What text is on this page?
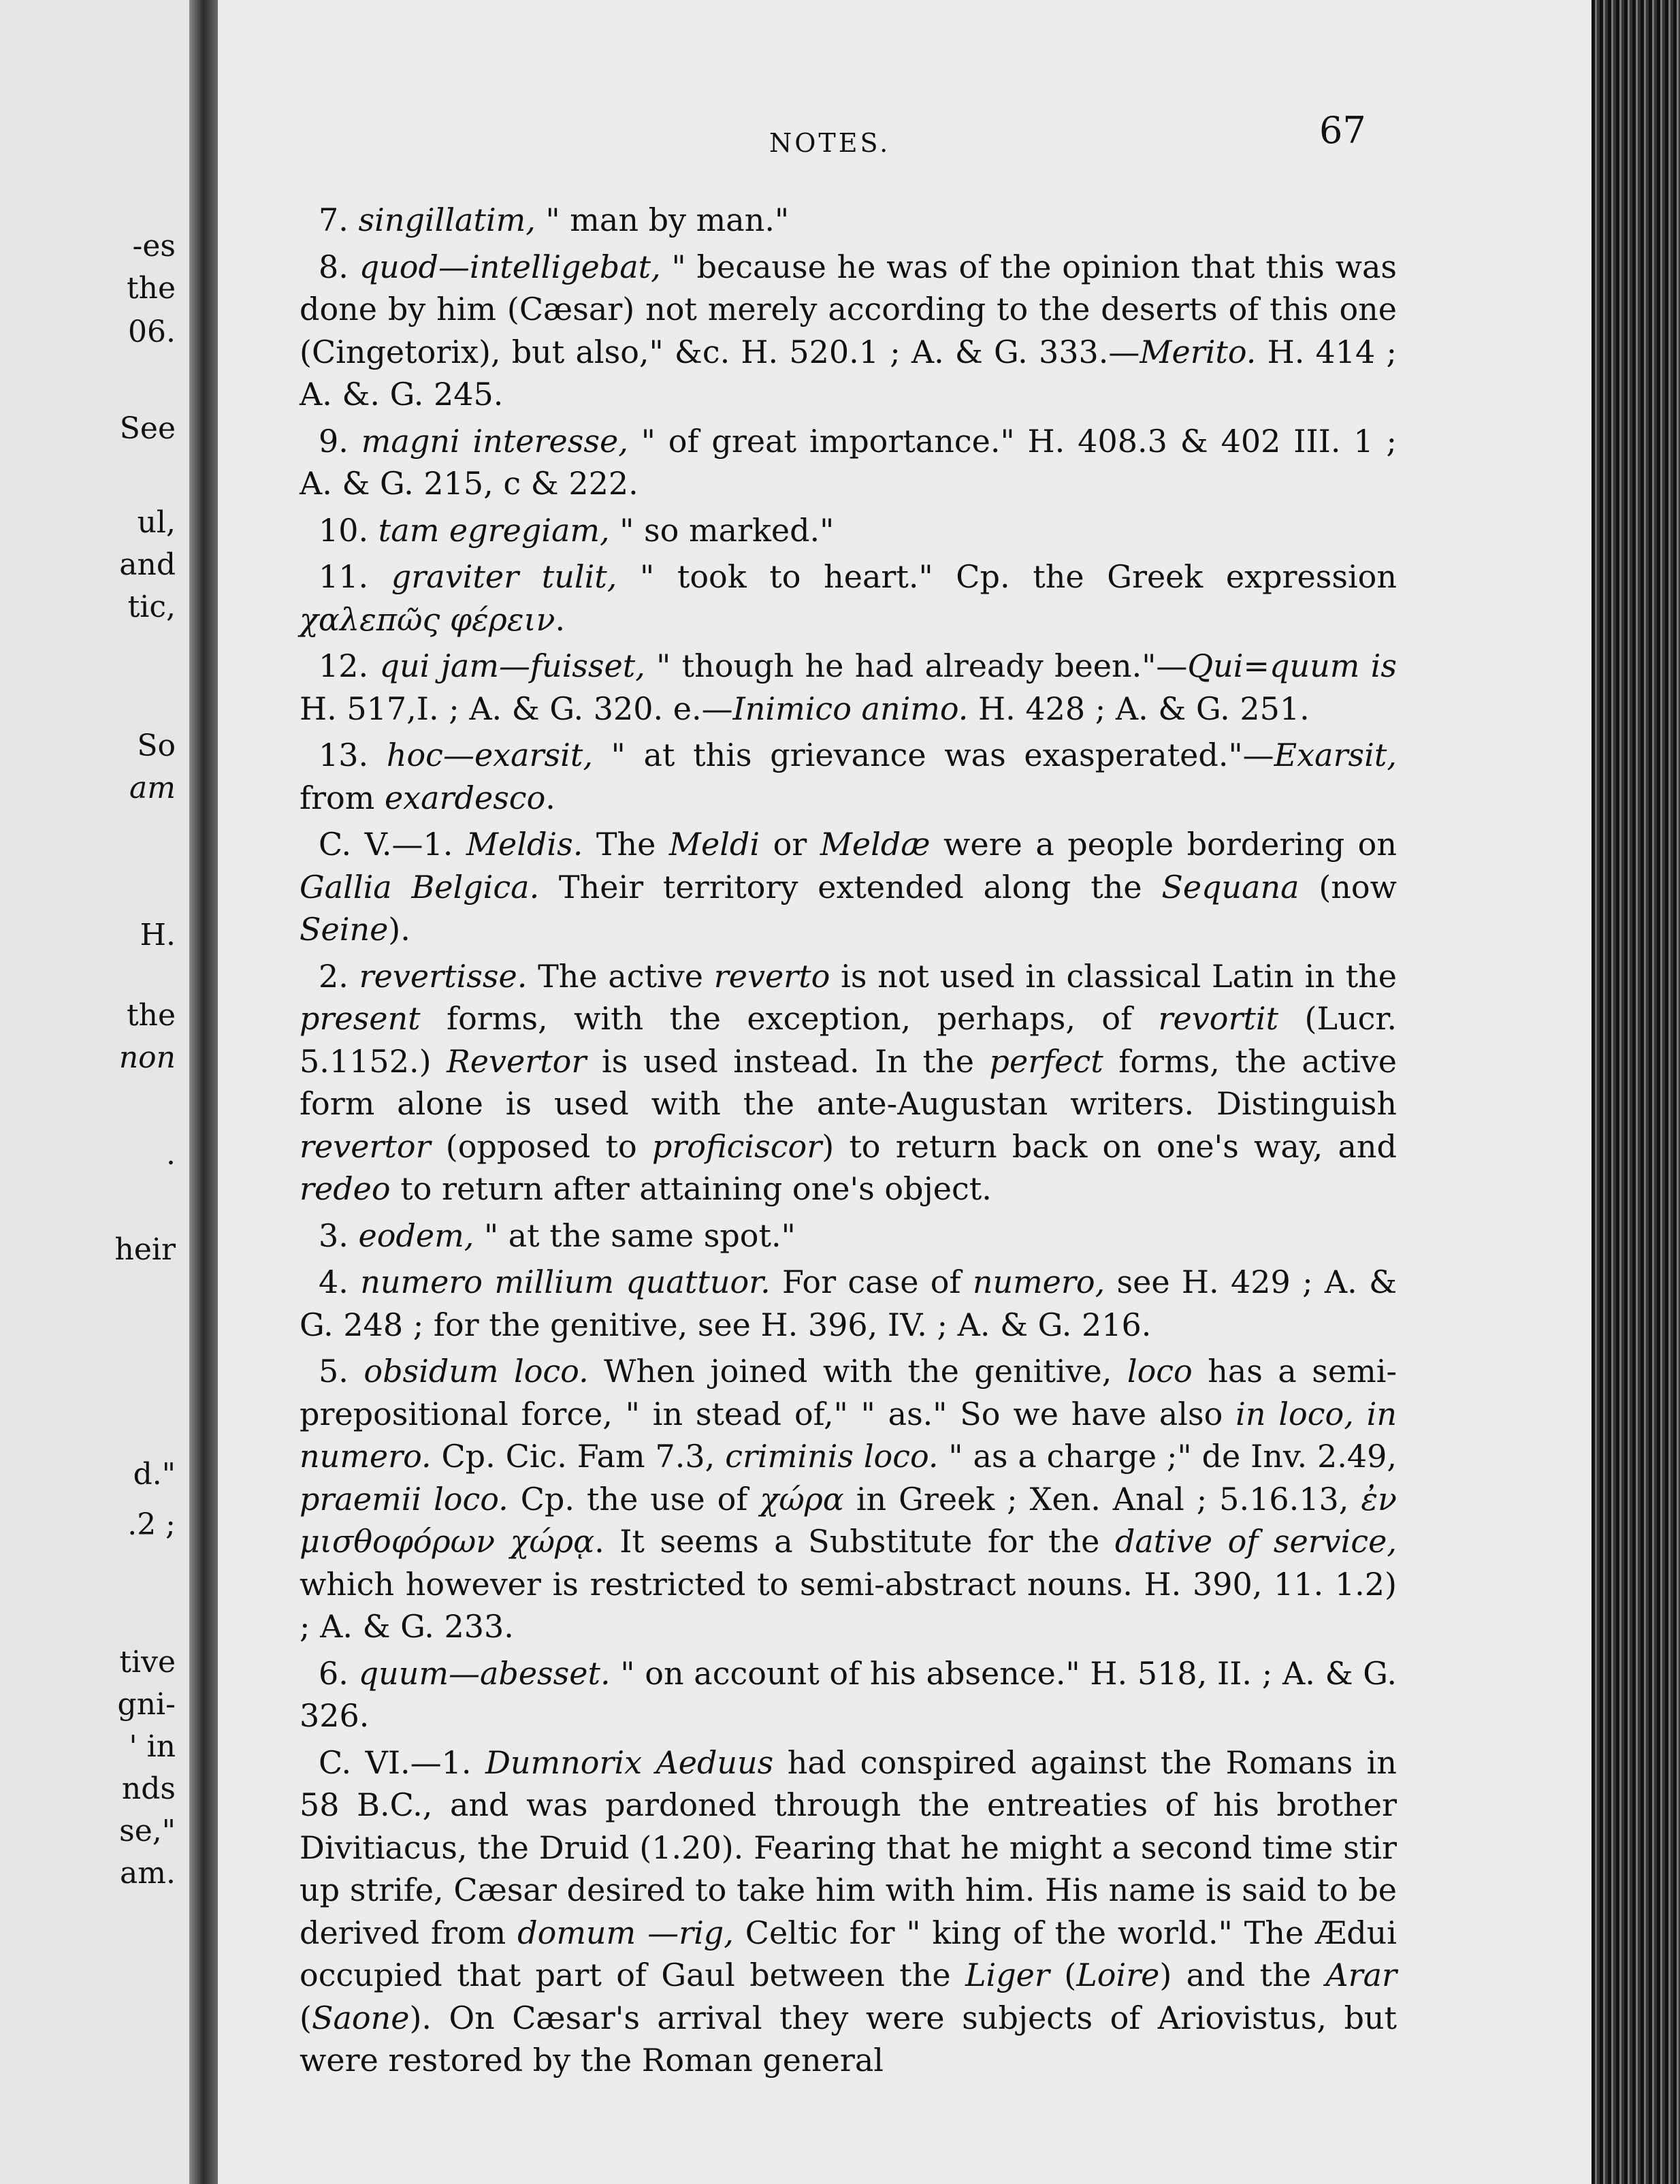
-es

the

06.

See

ul,

and

tic,

So

am

H.

the

non

.

heir

d."

.2 ;

tive

gni-

' in

nds

se,"

am.

NOTES.	67

7. singillatim, " man by man."

8. quod—intelligebat, " because he was of the opinion that this was done by him (Cæsar) not merely according to the deserts of this one (Cingetorix), but also," &c. H. 520.1 ; A. & G. 333.—Merito. H. 414 ; A. &. G. 245.

9. magni interesse, " of great importance." H. 408.3 & 402 III. 1 ; A. & G. 215, c & 222.

10. tam egregiam, " so marked."

11. graviter tulit, " took to heart." Cp. the Greek expression χαλεπῶς φέρειν.

12. qui jam—fuisset, " though he had already been."—Qui=quum is H. 517,I. ; A. & G. 320. e.—Inimico animo. H. 428 ; A. & G. 251.

13. hoc—exarsit, " at this grievance was exasperated."—Exarsit, from exardesco.

C. V.—1. Meldis. The Meldi or Meldæ were a people bordering on Gallia Belgica. Their territory extended along the Sequana (now Seine).

2. revertisse. The active reverto is not used in classical Latin in the present forms, with the exception, perhaps, of revortit (Lucr. 5.1152.) Revertor is used instead. In the perfect forms, the active form alone is used with the ante-Augustan writers. Distinguish revertor (opposed to proficiscor) to return back on one's way, and redeo to return after attaining one's object.

3. eodem, " at the same spot."

4. numero millium quattuor. For case of numero, see H. 429 ; A. & G. 248 ; for the genitive, see H. 396, IV. ; A. & G. 216.

5. obsidum loco. When joined with the genitive, loco has a semi-prepositional force, " in stead of," " as." So we have also in loco, in numero. Cp. Cic. Fam 7.3, criminis loco. " as a charge ;" de Inv. 2.49, praemii loco. Cp. the use of χώρα in Greek ; Xen. Anal ; 5.16.13, ἐν μισθοφόρων χώρᾳ. It seems a Substitute for the dative of service, which however is restricted to semi-abstract nouns. H. 390, 11. 1.2) ; A. & G. 233.

6. quum—abesset. " on account of his absence." H. 518, II. ; A. & G. 326.

C. VI.—1. Dumnorix Aeduus had conspired against the Romans in 58 B.C., and was pardoned through the entreaties of his brother Divitiacus, the Druid (1.20). Fearing that he might a second time stir up strife, Cæsar desired to take him with him. His name is said to be derived from domum —rig, Celtic for " king of the world." The Ædui occupied that part of Gaul between the Liger (Loire) and the Arar (Saone). On Cæsar's arrival they were subjects of Ariovistus, but were restored by the Roman general
